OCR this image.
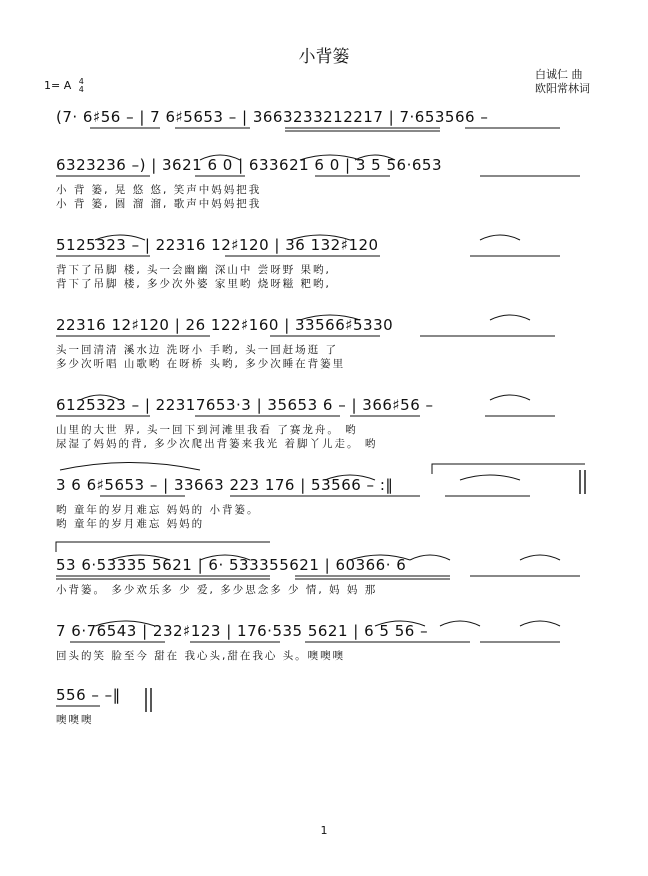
小背篓
白诚仁 曲
欧阳常林词
1= A 4
4
(7· 6♯56 – | 7 6♯5653 – | 3663233212217 | 7·653566 –
6323236 –) | 3621 6 0 | 633621 6 0 | 3 5 56·653
小 背 篓, 晃 悠 悠, 笑声中妈妈把我
小 背 篓, 圆 溜 溜, 歌声中妈妈把我
5125323 – | 22316 12♯120 | 36 132♯120
背下了吊脚 楼, 头一会幽幽 深山中 尝呀野 果哟,
背下了吊脚 楼, 多少次外婆 家里哟 烧呀糍 粑哟,
22316 12♯120 | 26 122♯160 | 33566♯5330
头一回清清 溪水边 洗呀小 手哟, 头一回赶场逛 了
多少次听唱 山歌哟 在呀桥 头哟, 多少次睡在背篓里
6125323 – | 22317653·3 | 35653 6 – | 366♯56 –
山里的大世 界, 头一回下到河滩里我看 了赛龙舟。 哟
尿湿了妈妈的背, 多少次爬出背篓来我光 着脚丫儿走。 哟
3 6 6♯5653 – | 33663 223 176 | 53566 – :‖
哟 童年的岁月难忘 妈妈的 小背篓。
哟 童年的岁月难忘 妈妈的
53 6·53335 5621 | 6· 533355621 | 60366· 6
小背篓。 多少欢乐多 少 爱, 多少思念多 少 情, 妈 妈 那
7 6·76543 | 232♯123 | 176·535 5621 | 6 5 56 –
回头的笑 脸至今 甜在 我心头,甜在我心 头。噢噢噢
556 – –‖
噢噢噢
1
